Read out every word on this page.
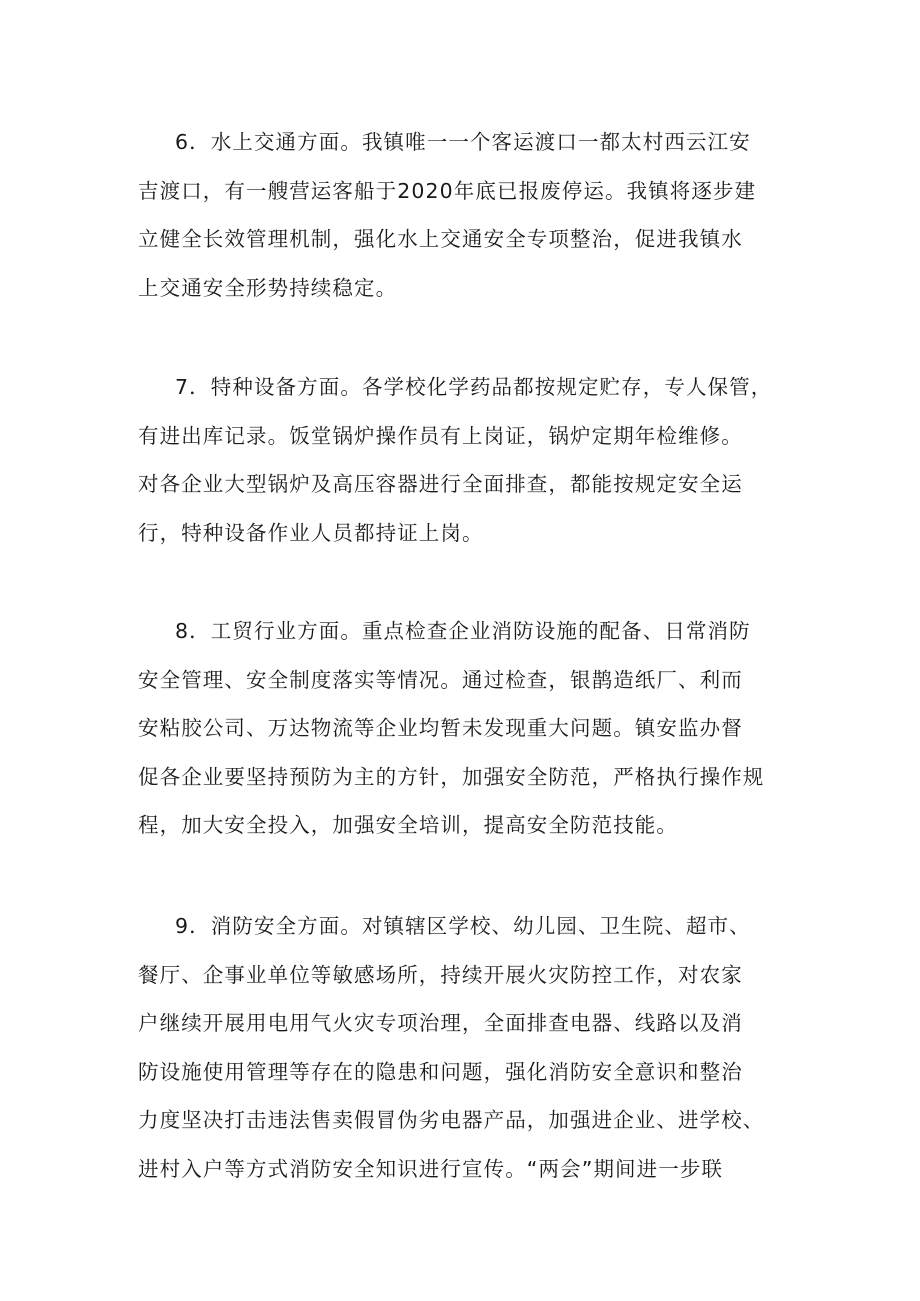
6．水上交通方面。我镇唯一一个客运渡口一都太村西云江安
吉渡口，有一艘营运客船于2020年底已报废停运。我镇将逐步建
立健全长效管理机制，强化水上交通安全专项整治，促进我镇水
上交通安全形势持续稳定。

7．特种设备方面。各学校化学药品都按规定贮存，专人保管，
有进出库记录。饭堂锅炉操作员有上岗证，锅炉定期年检维修。
对各企业大型锅炉及高压容器进行全面排查，都能按规定安全运
行，特种设备作业人员都持证上岗。

8．工贸行业方面。重点检查企业消防设施的配备、日常消防
安全管理、安全制度落实等情况。通过检查，银鹊造纸厂、利而
安粘胶公司、万达物流等企业均暂未发现重大问题。镇安监办督
促各企业要坚持预防为主的方针，加强安全防范，严格执行操作规
程，加大安全投入，加强安全培训，提高安全防范技能。

9．消防安全方面。对镇辖区学校、幼儿园、卫生院、超市、
餐厅、企事业单位等敏感场所，持续开展火灾防控工作，对农家
户继续开展用电用气火灾专项治理，全面排查电器、线路以及消
防设施使用管理等存在的隐患和问题，强化消防安全意识和整治
力度坚决打击违法售卖假冒伪劣电器产品，加强进企业、进学校、
进村入户等方式消防安全知识进行宣传。“两会”期间进一步联
